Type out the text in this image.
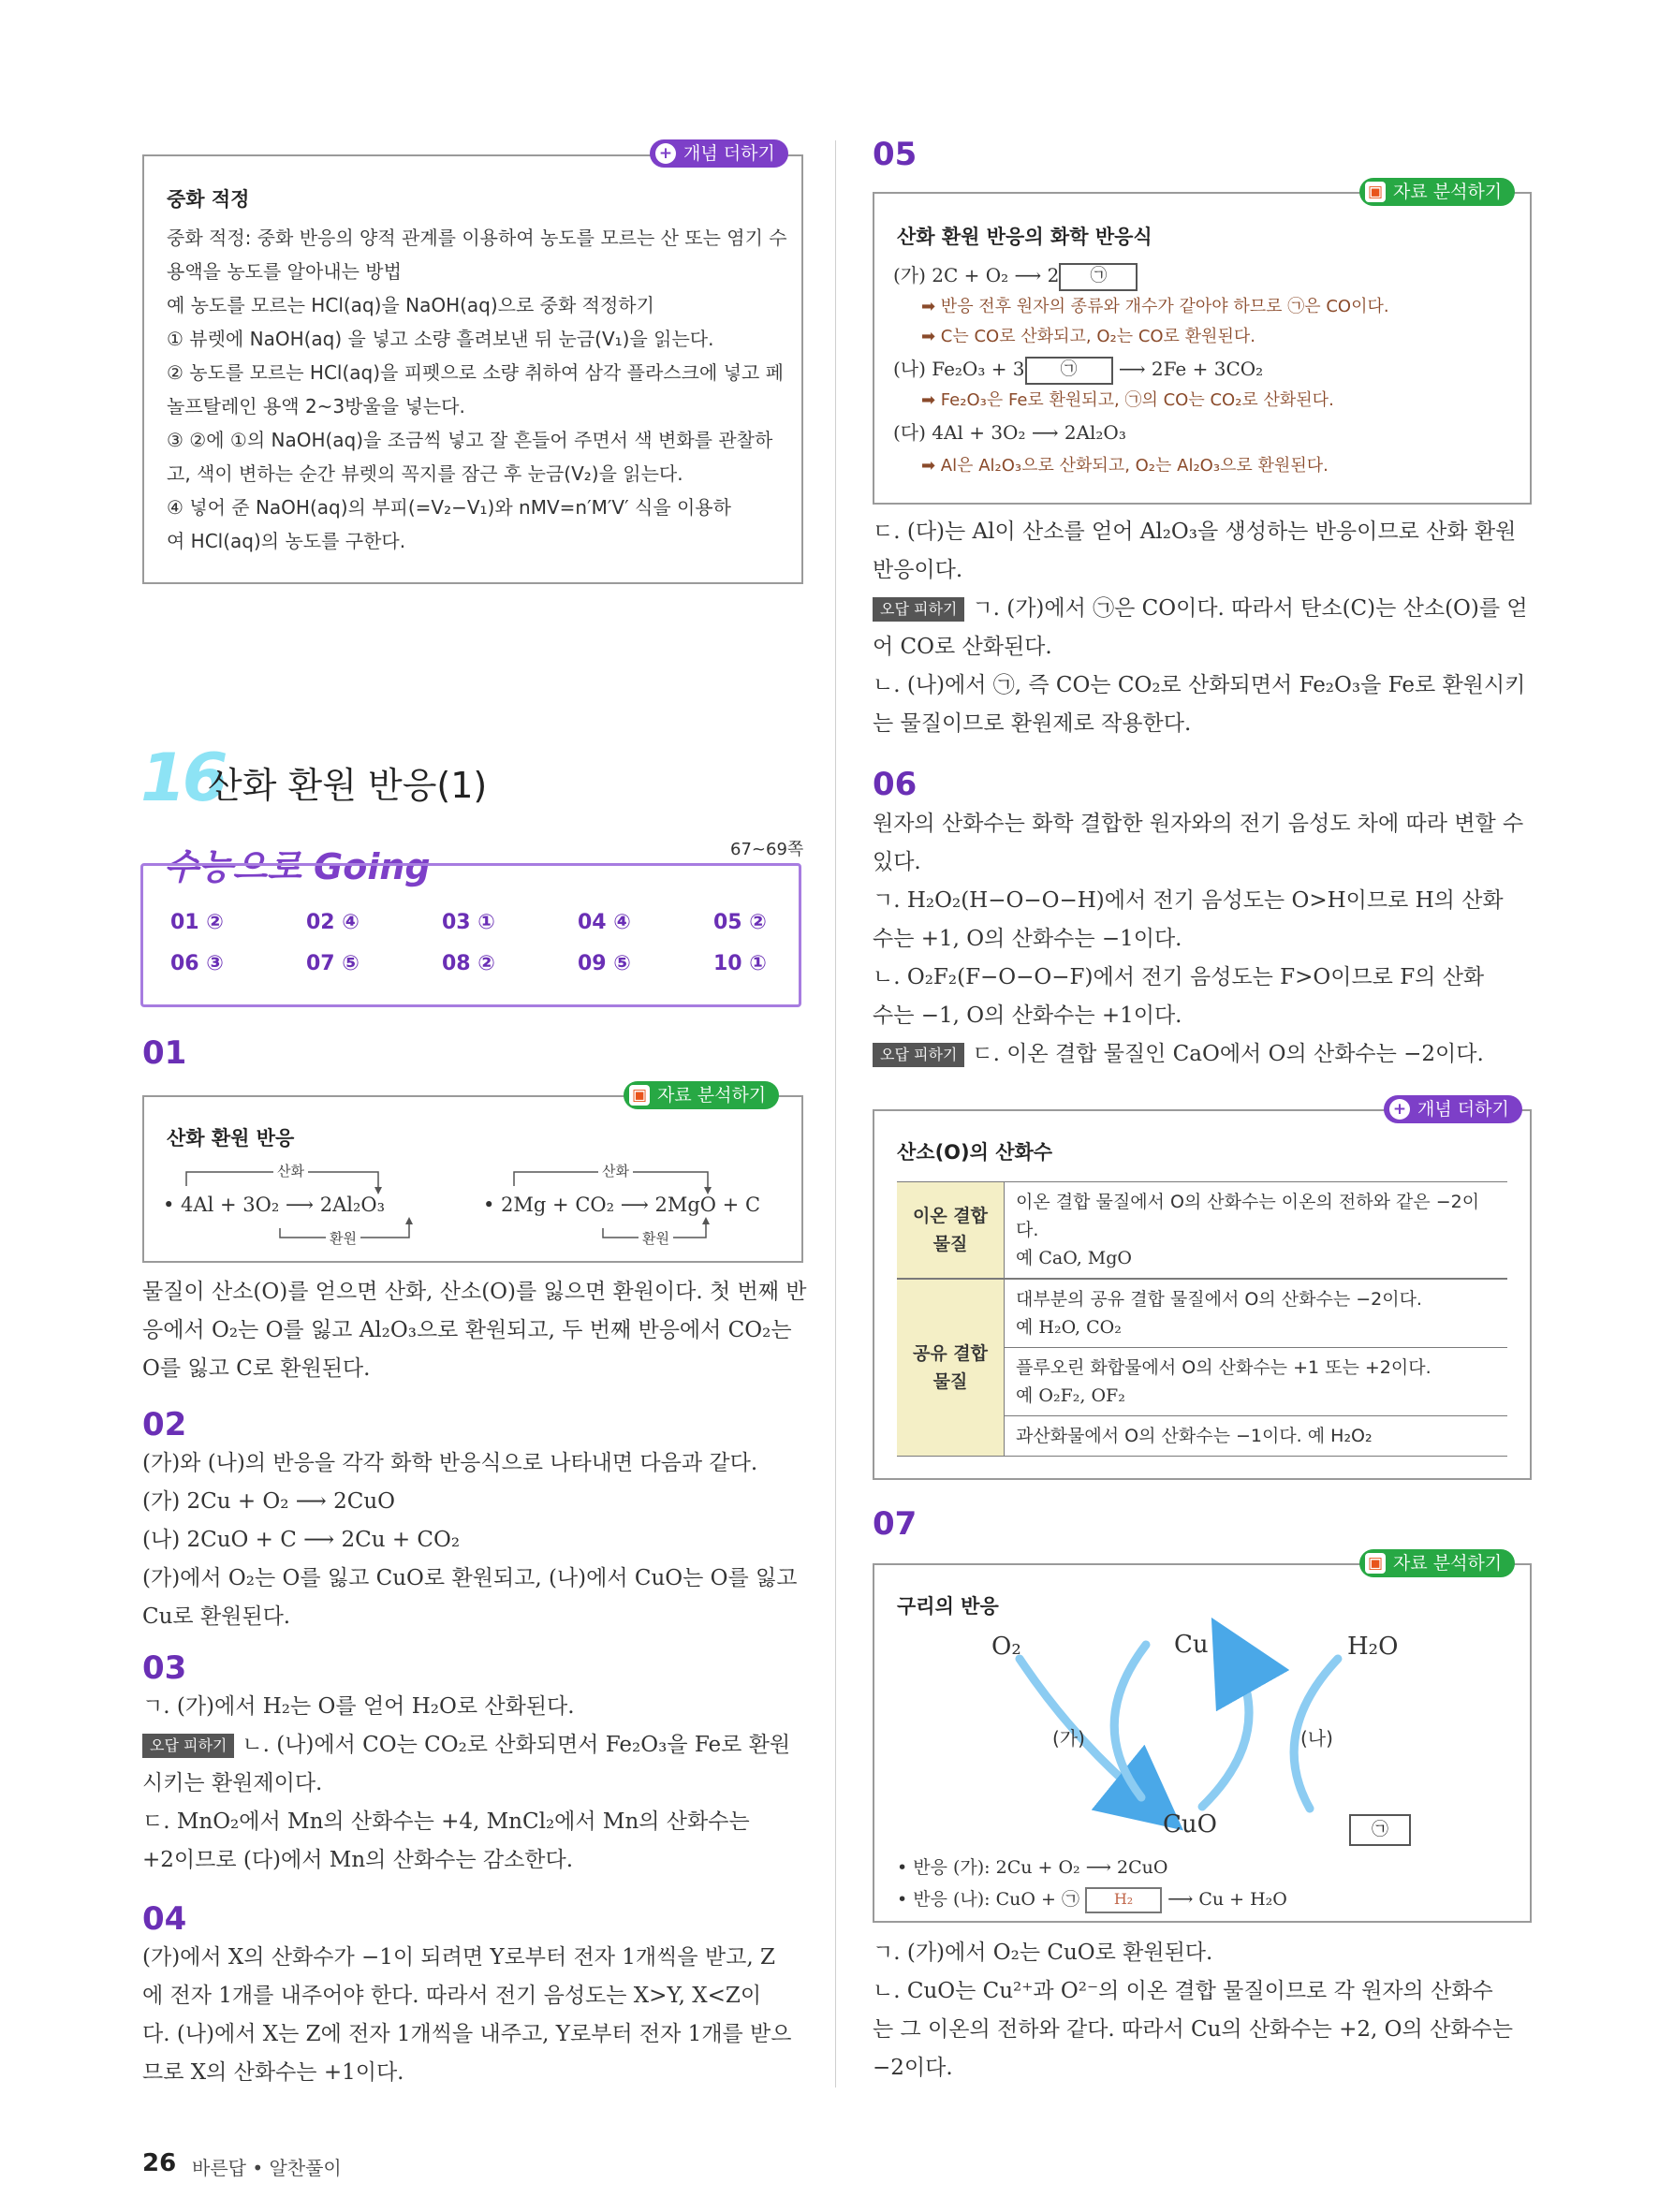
+ 개념 더하기
중화 적정
중화 적정: 중화 반응의 양적 관계를 이용하여 농도를 모르는 산 또는 염기 수
용액을 농도를 알아내는 방법
예 농도를 모르는 HCl(aq)을 NaOH(aq)으로 중화 적정하기
① 뷰렛에 NaOH(aq) 을 넣고 소량 흘려보낸 뒤 눈금(V₁)을 읽는다.
② 농도를 모르는 HCl(aq)을 피펫으로 소량 취하여 삼각 플라스크에 넣고 페
놀프탈레인 용액 2~3방울을 넣는다.
③ ②에 ①의 NaOH(aq)을 조금씩 넣고 잘 흔들어 주면서 색 변화를 관찰하
고, 색이 변하는 순간 뷰렛의 꼭지를 잠근 후 눈금(V₂)을 읽는다.
④ 넣어 준 NaOH(aq)의 부피(=V₂−V₁)와 nMV=n′M′V′ 식을 이용하
여 HCl(aq)의 농도를 구한다.
16
산화 환원 반응(1)
수능으로 Going	67~69쪽
01 ②	02 ④	03 ①	04 ④	05 ②
06 ③	07 ⑤	08 ②	09 ⑤	10 ①
01
▣ 자료 분석하기
산화 환원 반응
산화
환원
산화
환원
• 4Al + 3O₂ ⟶ 2Al₂O₃	• 2Mg + CO₂ ⟶ 2MgO + C
물질이 산소(O)를 얻으면 산화, 산소(O)를 잃으면 환원이다. 첫 번째 반
응에서 O₂는 O를 잃고 Al₂O₃으로 환원되고, 두 번째 반응에서 CO₂는
O를 잃고 C로 환원된다.
02
(가)와 (나)의 반응을 각각 화학 반응식으로 나타내면 다음과 같다.
(가) 2Cu + O₂ ⟶ 2CuO
(나) 2CuO + C ⟶ 2Cu + CO₂
(가)에서 O₂는 O를 잃고 CuO로 환원되고, (나)에서 CuO는 O를 잃고
Cu로 환원된다.
03
ㄱ. (가)에서 H₂는 O를 얻어 H₂O로 산화된다.
오답 피하기 ㄴ. (나)에서 CO는 CO₂로 산화되면서 Fe₂O₃을 Fe로 환원
시키는 환원제이다.
ㄷ. MnO₂에서 Mn의 산화수는 +4, MnCl₂에서 Mn의 산화수는
+2이므로 (다)에서 Mn의 산화수는 감소한다.
04
(가)에서 X의 산화수가 −1이 되려면 Y로부터 전자 1개씩을 받고, Z
에 전자 1개를 내주어야 한다. 따라서 전기 음성도는 X>Y, X<Z이
다. (나)에서 X는 Z에 전자 1개씩을 내주고, Y로부터 전자 1개를 받으
므로 X의 산화수는 +1이다.
05
▣ 자료 분석하기
산화 환원 반응의 화학 반응식
(가) 2C + O₂ ⟶ 2 ㉠
➡ 반응 전후 원자의 종류와 개수가 같아야 하므로 ㉠은 CO이다.
➡ C는 CO로 산화되고, O₂는 CO로 환원된다.
(나) Fe₂O₃ + 3 ㉠ ⟶ 2Fe + 3CO₂
➡ Fe₂O₃은 Fe로 환원되고, ㉠의 CO는 CO₂로 산화된다.
(다) 4Al + 3O₂ ⟶ 2Al₂O₃
➡ Al은 Al₂O₃으로 산화되고, O₂는 Al₂O₃으로 환원된다.
ㄷ. (다)는 Al이 산소를 얻어 Al₂O₃을 생성하는 반응이므로 산화 환원
반응이다.
오답 피하기 ㄱ. (가)에서 ㉠은 CO이다. 따라서 탄소(C)는 산소(O)를 얻
어 CO로 산화된다.
ㄴ. (나)에서 ㉠, 즉 CO는 CO₂로 산화되면서 Fe₂O₃을 Fe로 환원시키
는 물질이므로 환원제로 작용한다.
06
원자의 산화수는 화학 결합한 원자와의 전기 음성도 차에 따라 변할 수
있다.
ㄱ. H₂O₂(H−O−O−H)에서 전기 음성도는 O>H이므로 H의 산화
수는 +1, O의 산화수는 −1이다.
ㄴ. O₂F₂(F−O−O−F)에서 전기 음성도는 F>O이므로 F의 산화
수는 −1, O의 산화수는 +1이다.
오답 피하기 ㄷ. 이온 결합 물질인 CaO에서 O의 산화수는 −2이다.
+ 개념 더하기
산소(O)의 산화수
이온 결합 물질	이온 결합 물질에서 O의 산화수는 이온의 전하와 같은 −2이다.
예 CaO, MgO

공유 결합 물질	대부분의 공유 결합 물질에서 O의 산화수는 −2이다.
예 H₂O, CO₂

	플루오린 화합물에서 O의 산화수는 +1 또는 +2이다.
예 O₂F₂, OF₂

	과산화물에서 O의 산화수는 −1이다. 예 H₂O₂
07
▣ 자료 분석하기
구리의 반응
O₂	Cu	H₂O
(가)	(나)
CuO	㉠
• 반응 (가): 2Cu + O₂ ⟶ 2CuO
• 반응 (나): CuO + ㉠ H₂ ⟶ Cu + H₂O
ㄱ. (가)에서 O₂는 CuO로 환원된다.
ㄴ. CuO는 Cu²⁺과 O²⁻의 이온 결합 물질이므로 각 원자의 산화수
는 그 이온의 전하와 같다. 따라서 Cu의 산화수는 +2, O의 산화수는
−2이다.
26 바른답 • 알찬풀이
